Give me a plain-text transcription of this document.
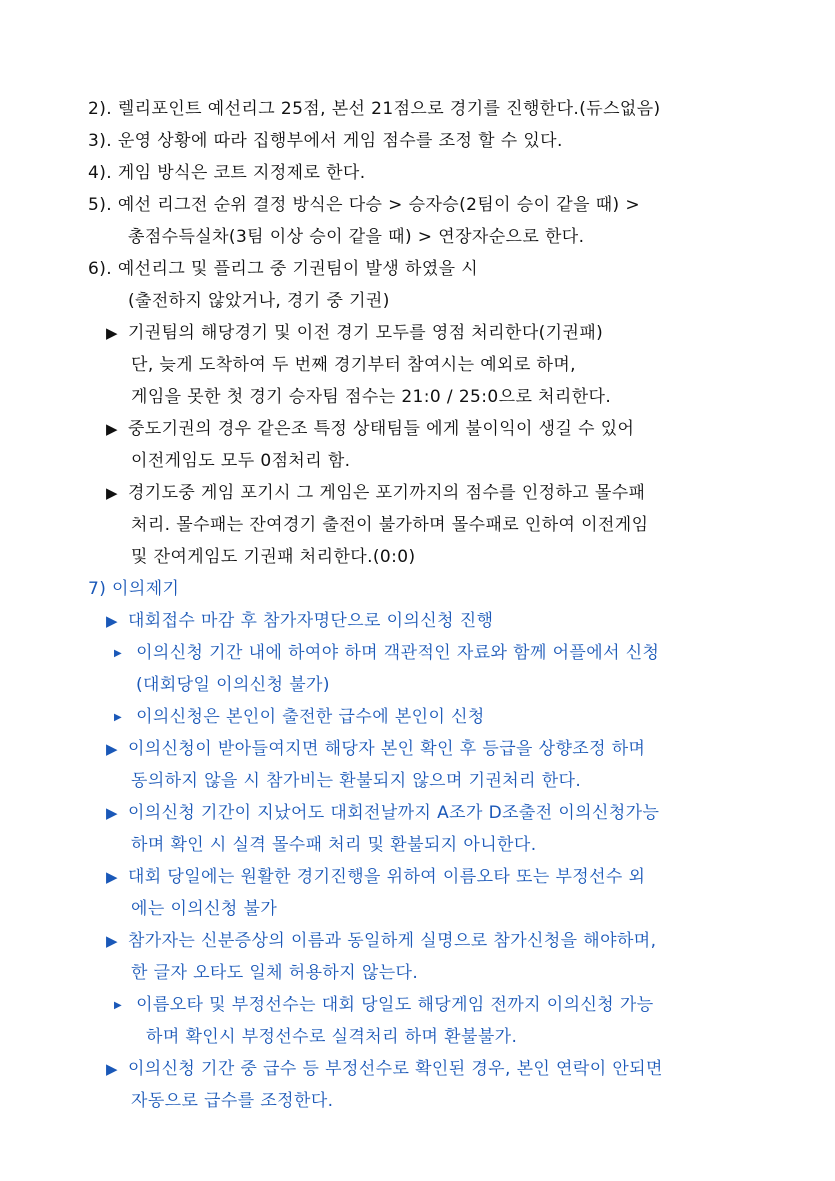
2). 렐리포인트 예선리그 25점, 본선 21점으로 경기를 진행한다.(듀스없음)
3). 운영 상황에 따라 집행부에서 게임 점수를 조정 할 수 있다.
4). 게임 방식은 코트 지정제로 한다.
5). 예선 리그전 순위 결정 방식은 다승 > 승자승(2팀이 승이 같을 때) >
총점수득실차(3팀 이상 승이 같을 때) > 연장자순으로 한다.
6). 예선리그 및 플리그 중 기권팀이 발생 하였을 시
(출전하지 않았거나, 경기 중 기권)
▶ 기권팀의 해당경기 및 이전 경기 모두를 영점 처리한다(기권패)
단, 늦게 도착하여 두 번째 경기부터 참여시는 예외로 하며,
게임을 못한 첫 경기 승자팀 점수는 21:0 / 25:0으로 처리한다.
▶ 중도기권의 경우 같은조 특정 상태팀들 에게 불이익이 생길 수 있어
이전게임도 모두 0점처리 함.
▶ 경기도중 게임 포기시 그 게임은 포기까지의 점수를 인정하고 몰수패
처리. 몰수패는 잔여경기 출전이 불가하며 몰수패로 인하여 이전게임
및 잔여게임도 기권패 처리한다.(0:0)
7) 이의제기
▶ 대회접수 마감 후 참가자명단으로 이의신청 진행
▶ 이의신청 기간 내에 하여야 하며 객관적인 자료와 함께 어플에서 신청
(대회당일 이의신청 불가)
▶ 이의신청은 본인이 출전한 급수에 본인이 신청
▶ 이의신청이 받아들여지면 해당자 본인 확인 후 등급을 상향조정 하며
동의하지 않을 시 참가비는 환불되지 않으며 기권처리 한다.
▶ 이의신청 기간이 지났어도 대회전날까지 A조가 D조출전 이의신청가능
하며 확인 시 실격 몰수패 처리 및 환불되지 아니한다.
▶ 대회 당일에는 원활한 경기진행을 위하여 이름오타 또는 부정선수 외
에는 이의신청 불가
▶ 참가자는 신분증상의 이름과 동일하게 실명으로 참가신청을 해야하며,
한 글자 오타도 일체 허용하지 않는다.
▶ 이름오타 및 부정선수는 대회 당일도 해당게임 전까지 이의신청 가능
하며 확인시 부정선수로 실격처리 하며 환불불가.
▶ 이의신청 기간 중 급수 등 부정선수로 확인된 경우, 본인 연락이 안되면
자동으로 급수를 조정한다.
